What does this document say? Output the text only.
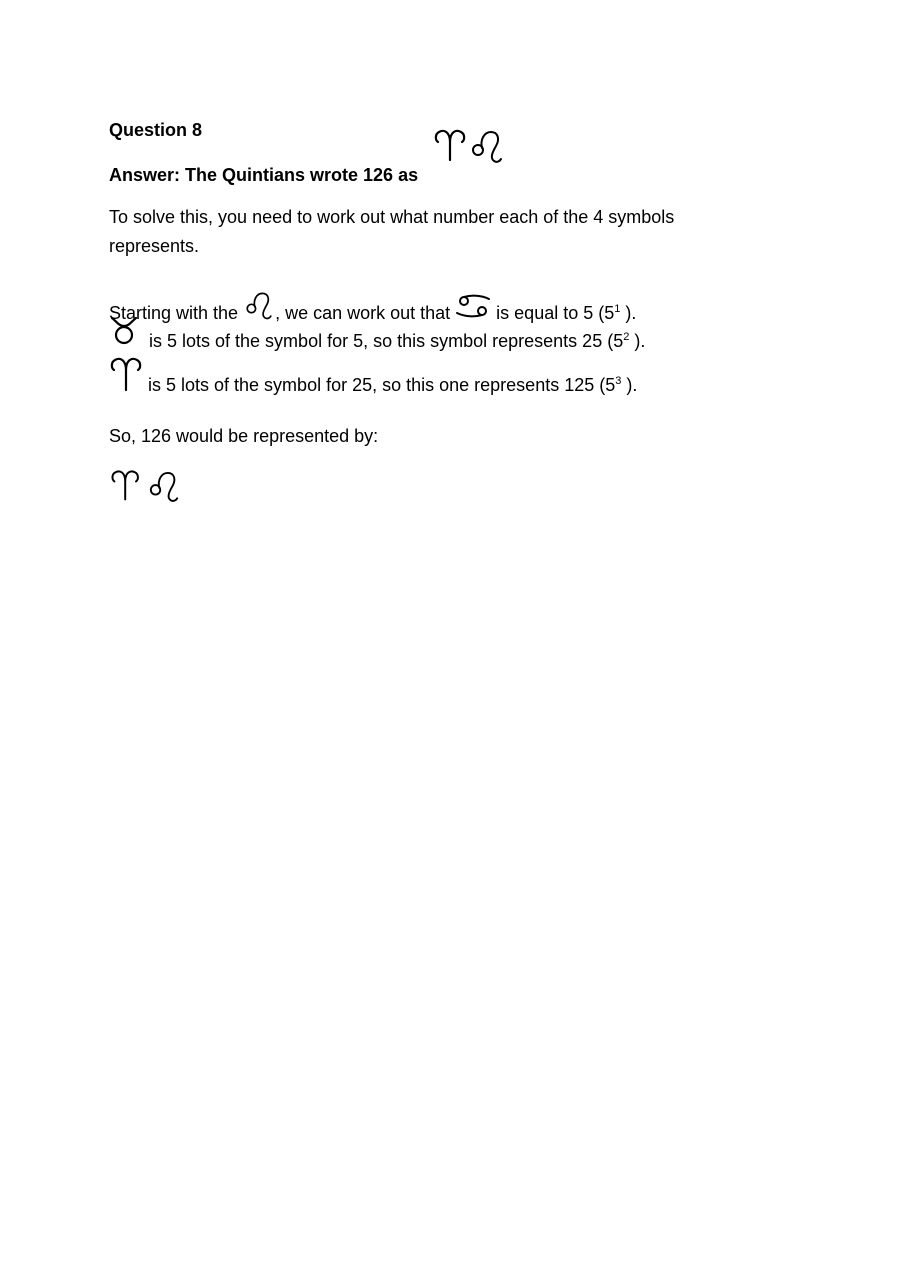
Question 8
Answer: The Quintians wrote 126 as
To solve this, you need to work out what number each of the 4 symbols
represents.
Starting with the
, we can work out that
is equal to 5 ($5^1$ ).
is 5 lots of the symbol for 5, so this symbol represents 25 ($5^2$ ).
is 5 lots of the symbol for 25, so this one represents 125 ($5^3$ ).
So, 126 would be represented by:
